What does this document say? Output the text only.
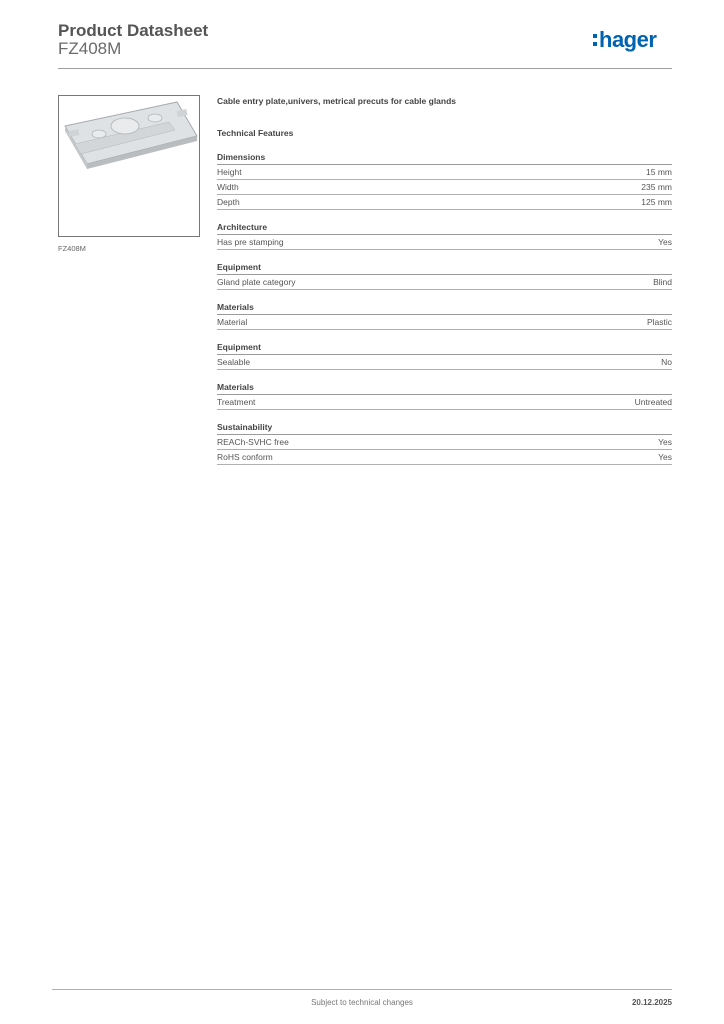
Product Datasheet
FZ408M	hager
FZ408M
Cable entry plate,univers, metrical precuts for cable glands
Technical Features
Dimensions
Height	15 mm
Width	235 mm
Depth	125 mm
Architecture
Has pre stamping	Yes
Equipment
Gland plate category	Blind
Materials
Material	Plastic
Equipment
Sealable	No
Materials
Treatment	Untreated
Sustainability
REACh-SVHC free	Yes
RoHS conform	Yes
Subject to technical changes	20.12.2025
